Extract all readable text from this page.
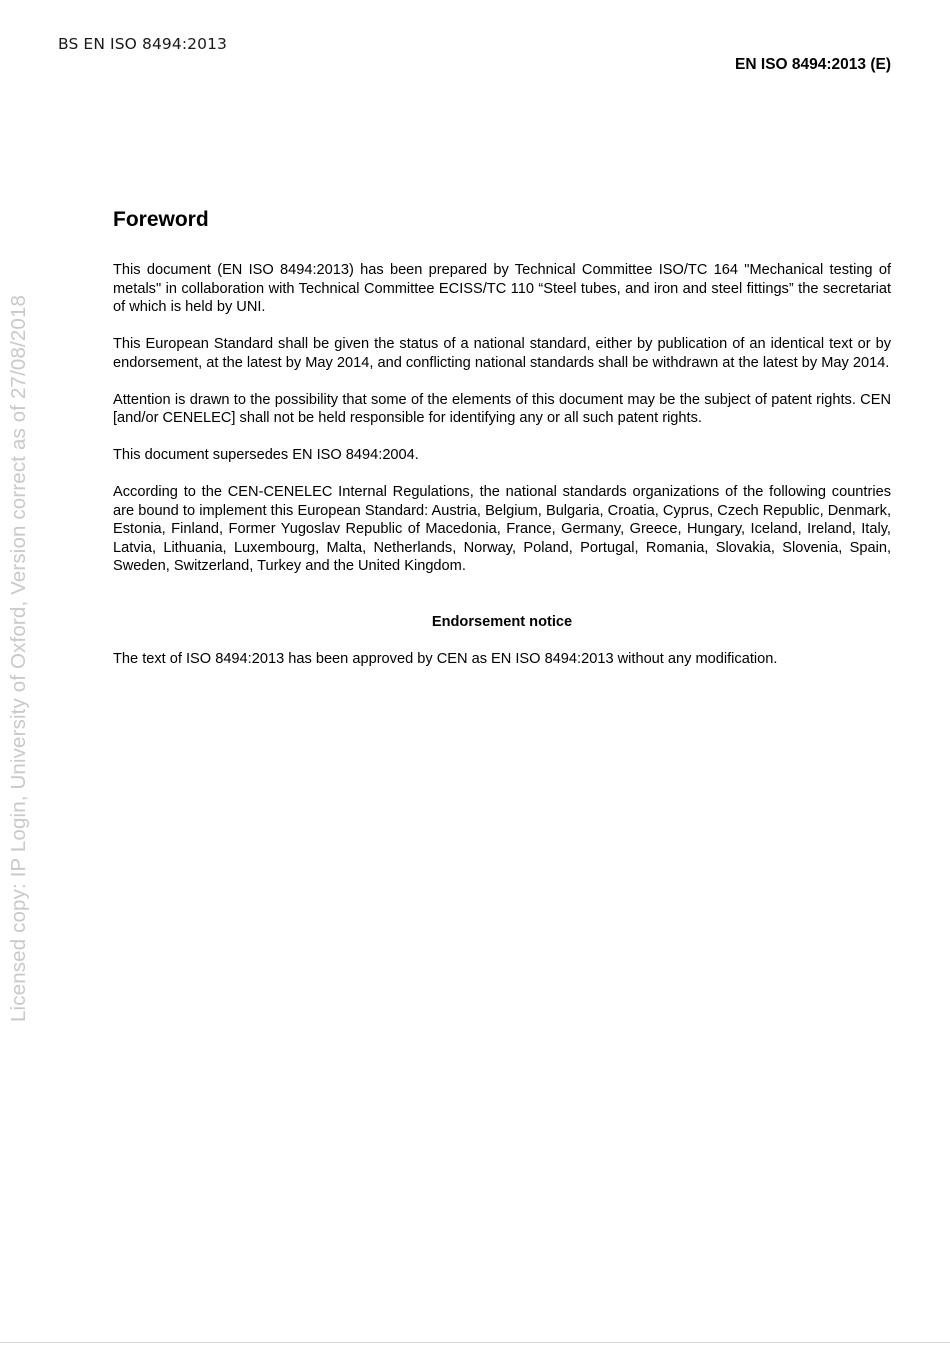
BS EN ISO 8494:2013
EN ISO 8494:2013 (E)
Licensed copy: IP Login, University of Oxford, Version correct as of 27/08/2018
Foreword

This document (EN ISO 8494:2013) has been prepared by Technical Committee ISO/TC 164 "Mechanical testing of metals" in collaboration with Technical Committee ECISS/TC 110 “Steel tubes, and iron and steel fittings” the secretariat of which is held by UNI.

This European Standard shall be given the status of a national standard, either by publication of an identical text or by endorsement, at the latest by May 2014, and conflicting national standards shall be withdrawn at the latest by May 2014.

Attention is drawn to the possibility that some of the elements of this document may be the subject of patent rights. CEN [and/or CENELEC] shall not be held responsible for identifying any or all such patent rights.

This document supersedes EN ISO 8494:2004.

According to the CEN-CENELEC Internal Regulations, the national standards organizations of the following countries are bound to implement this European Standard: Austria, Belgium, Bulgaria, Croatia, Cyprus, Czech Republic, Denmark, Estonia, Finland, Former Yugoslav Republic of Macedonia, France, Germany, Greece, Hungary, Iceland, Ireland, Italy, Latvia, Lithuania, Luxembourg, Malta, Netherlands, Norway, Poland, Portugal, Romania, Slovakia, Slovenia, Spain, Sweden, Switzerland, Turkey and the United Kingdom.

Endorsement notice

The text of ISO 8494:2013 has been approved by CEN as EN ISO 8494:2013 without any modification.
